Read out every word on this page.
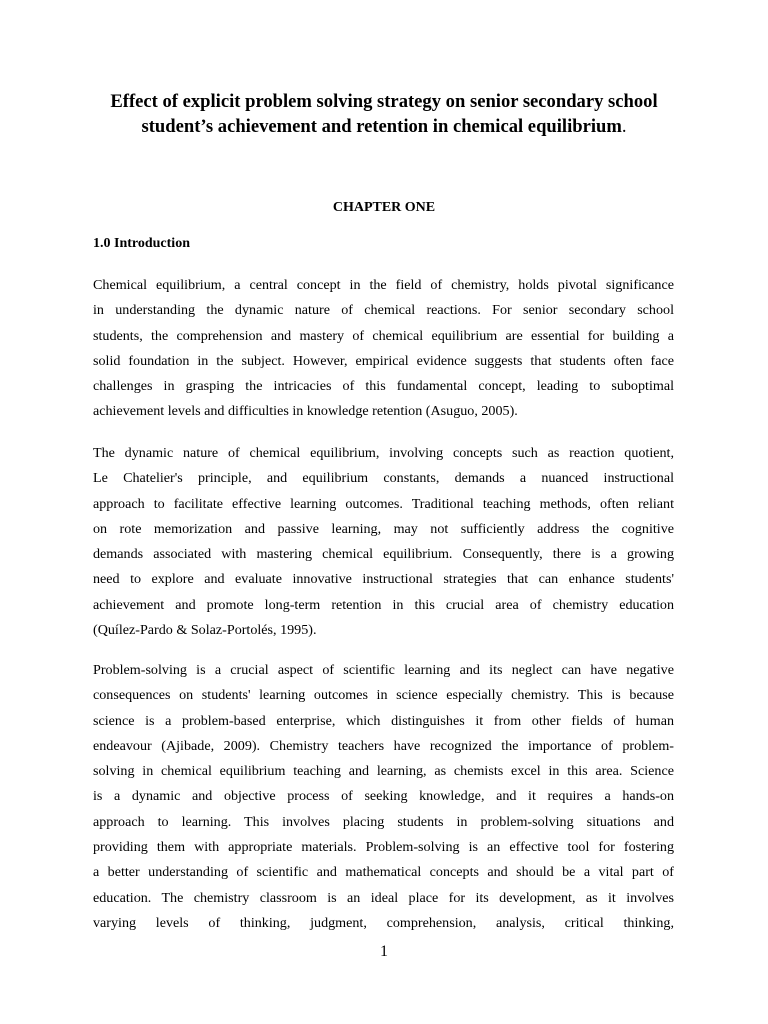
Effect of explicit problem solving strategy on senior secondary school student’s achievement and retention in chemical equilibrium.
CHAPTER ONE
1.0 Introduction

Chemical equilibrium, a central concept in the field of chemistry, holds pivotal significance
in understanding the dynamic nature of chemical reactions. For senior secondary school
students, the comprehension and mastery of chemical equilibrium are essential for building a
solid foundation in the subject. However, empirical evidence suggests that students often face
challenges in grasping the intricacies of this fundamental concept, leading to suboptimal
achievement levels and difficulties in knowledge retention (Asuguo, 2005).

The dynamic nature of chemical equilibrium, involving concepts such as reaction quotient,
Le Chatelier's principle, and equilibrium constants, demands a nuanced instructional
approach to facilitate effective learning outcomes. Traditional teaching methods, often reliant
on rote memorization and passive learning, may not sufficiently address the cognitive
demands associated with mastering chemical equilibrium. Consequently, there is a growing
need to explore and evaluate innovative instructional strategies that can enhance students'
achievement and promote long-term retention in this crucial area of chemistry education
(Quílez-Pardo & Solaz-Portolés, 1995).

Problem-solving is a crucial aspect of scientific learning and its neglect can have negative
consequences on students' learning outcomes in science especially chemistry. This is because
science is a problem-based enterprise, which distinguishes it from other fields of human
endeavour (Ajibade, 2009). Chemistry teachers have recognized the importance of problem-
solving in chemical equilibrium teaching and learning, as chemists excel in this area. Science
is a dynamic and objective process of seeking knowledge, and it requires a hands-on
approach to learning. This involves placing students in problem-solving situations and
providing them with appropriate materials. Problem-solving is an effective tool for fostering
a better understanding of scientific and mathematical concepts and should be a vital part of
education. The chemistry classroom is an ideal place for its development, as it involves
varying levels of thinking, judgment, comprehension, analysis, critical thinking,

1
